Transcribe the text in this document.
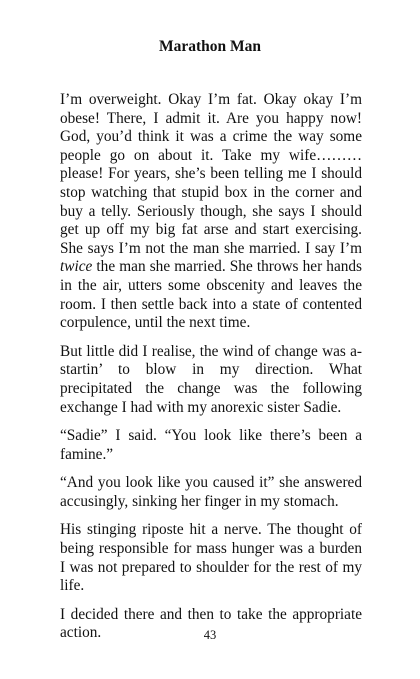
Marathon Man

I’m overweight. Okay I’m fat. Okay okay I’m obese! There, I admit it. Are you happy now! God, you’d think it was a crime the way some people go on about it. Take my wife……… please! For years, she’s been telling me I should stop watching that stupid box in the corner and buy a telly. Seriously though, she says I should get up off my big fat arse and start exercising. She says I’m not the man she married. I say I’m twice the man she married. She throws her hands in the air, utters some obscenity and leaves the room. I then settle back into a state of contented corpulence, until the next time.

But little did I realise, the wind of change was a-startin’ to blow in my direction. What precipitated the change was the following exchange I had with my anorexic sister Sadie.

“Sadie” I said. “You look like there’s been a famine.”

“And you look like you caused it” she answered accusingly, sinking her finger in my stomach.

His stinging riposte hit a nerve. The thought of being responsible for mass hunger was a burden I was not prepared to shoulder for the rest of my life.

I decided there and then to take the appropriate action.	43
